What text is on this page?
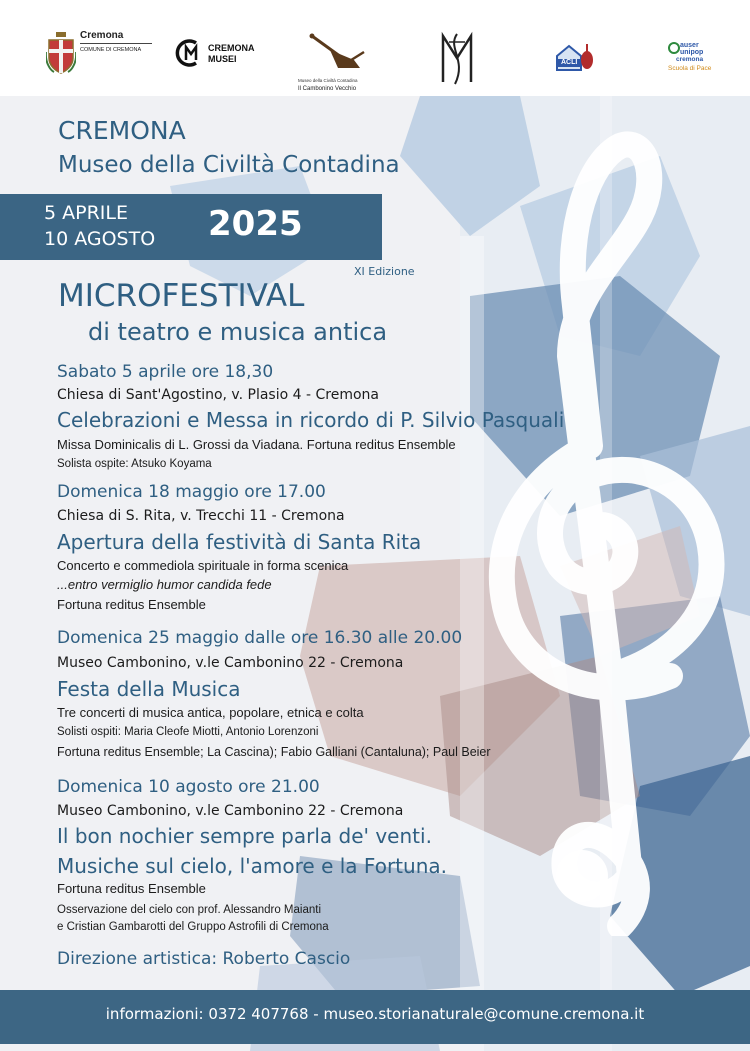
Cremona
COMUNE DI CREMONA	CREMONA
MUSEI
Museo della Civiltà Contadina
Il Cambonino Vecchio
ACLI
auser
unipop
cremona
Scuola di Pace
CREMONA
Museo della Civiltà Contadina
5 APRILE
10 AGOSTO 2025
XI Edizione
MICROFESTIVAL
di teatro e musica antica
Sabato 5 aprile ore 18,30
Chiesa di Sant'Agostino, v. Plasio 4 - Cremona
Celebrazioni e Messa in ricordo di P. Silvio Pasquali
Missa Dominicalis di L. Grossi da Viadana. Fortuna reditus Ensemble
Solista ospite: Atsuko Koyama
Domenica 18 maggio ore 17.00
Chiesa di S. Rita, v. Trecchi 11 - Cremona
Apertura della festività di Santa Rita
Concerto e commediola spirituale in forma scenica
...entro vermiglio humor candida fede
Fortuna reditus Ensemble
Domenica 25 maggio dalle ore 16.30 alle 20.00
Museo Cambonino, v.le Cambonino 22 - Cremona
Festa della Musica
Tre concerti di musica antica, popolare, etnica e colta
Solisti ospiti: Maria Cleofe Miotti, Antonio Lorenzoni
Fortuna reditus Ensemble; La Cascina); Fabio Galliani (Cantaluna); Paul Beier
Domenica 10 agosto ore 21.00
Museo Cambonino, v.le Cambonino 22 - Cremona
Il bon nochier sempre parla de' venti.
Musiche sul cielo, l'amore e la Fortuna.
Fortuna reditus Ensemble
Osservazione del cielo con prof. Alessandro Maianti
e Cristian Gambarotti del Gruppo Astrofili di Cremona
Direzione artistica: Roberto Cascio
informazioni: 0372 407768 - museo.storianaturale@comune.cremona.it
